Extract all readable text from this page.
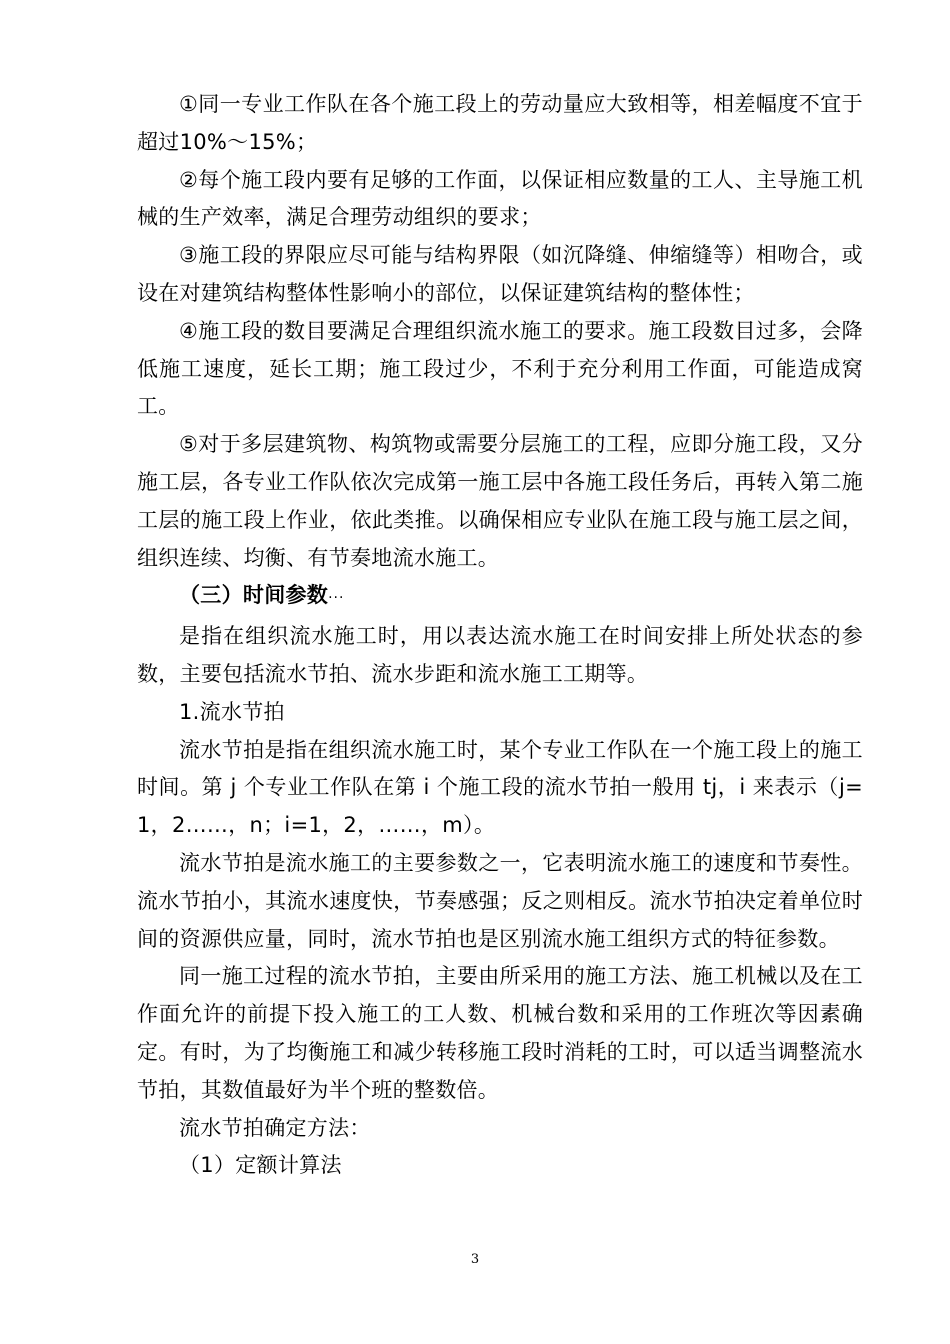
①同一专业工作队在各个施工段上的劳动量应大致相等，相差幅度不宜于超过10%～15%；

②每个施工段内要有足够的工作面，以保证相应数量的工人、主导施工机械的生产效率，满足合理劳动组织的要求；

③施工段的界限应尽可能与结构界限（如沉降缝、伸缩缝等）相吻合，或设在对建筑结构整体性影响小的部位，以保证建筑结构的整体性；

④施工段的数目要满足合理组织流水施工的要求。施工段数目过多，会降低施工速度，延长工期；施工段过少，不利于充分利用工作面，可能造成窝工。

⑤对于多层建筑物、构筑物或需要分层施工的工程，应即分施工段，又分施工层，各专业工作队依次完成第一施工层中各施工段任务后，再转入第二施工层的施工段上作业，依此类推。以确保相应专业队在施工段与施工层之间，组织连续、均衡、有节奏地流水施工。

（三）时间参数···

是指在组织流水施工时，用以表达流水施工在时间安排上所处状态的参数，主要包括流水节拍、流水步距和流水施工工期等。

1.流水节拍

流水节拍是指在组织流水施工时，某个专业工作队在一个施工段上的施工时间。第 j 个专业工作队在第 i 个施工段的流水节拍一般用 tj，i 来表示（j=1，2……，n；i=1，2，……，m）。

流水节拍是流水施工的主要参数之一，它表明流水施工的速度和节奏性。流水节拍小，其流水速度快，节奏感强；反之则相反。流水节拍决定着单位时间的资源供应量，同时，流水节拍也是区别流水施工组织方式的特征参数。

同一施工过程的流水节拍，主要由所采用的施工方法、施工机械以及在工作面允许的前提下投入施工的工人数、机械台数和采用的工作班次等因素确定。有时，为了均衡施工和减少转移施工段时消耗的工时，可以适当调整流水节拍，其数值最好为半个班的整数倍。

流水节拍确定方法：

（1）定额计算法

3
